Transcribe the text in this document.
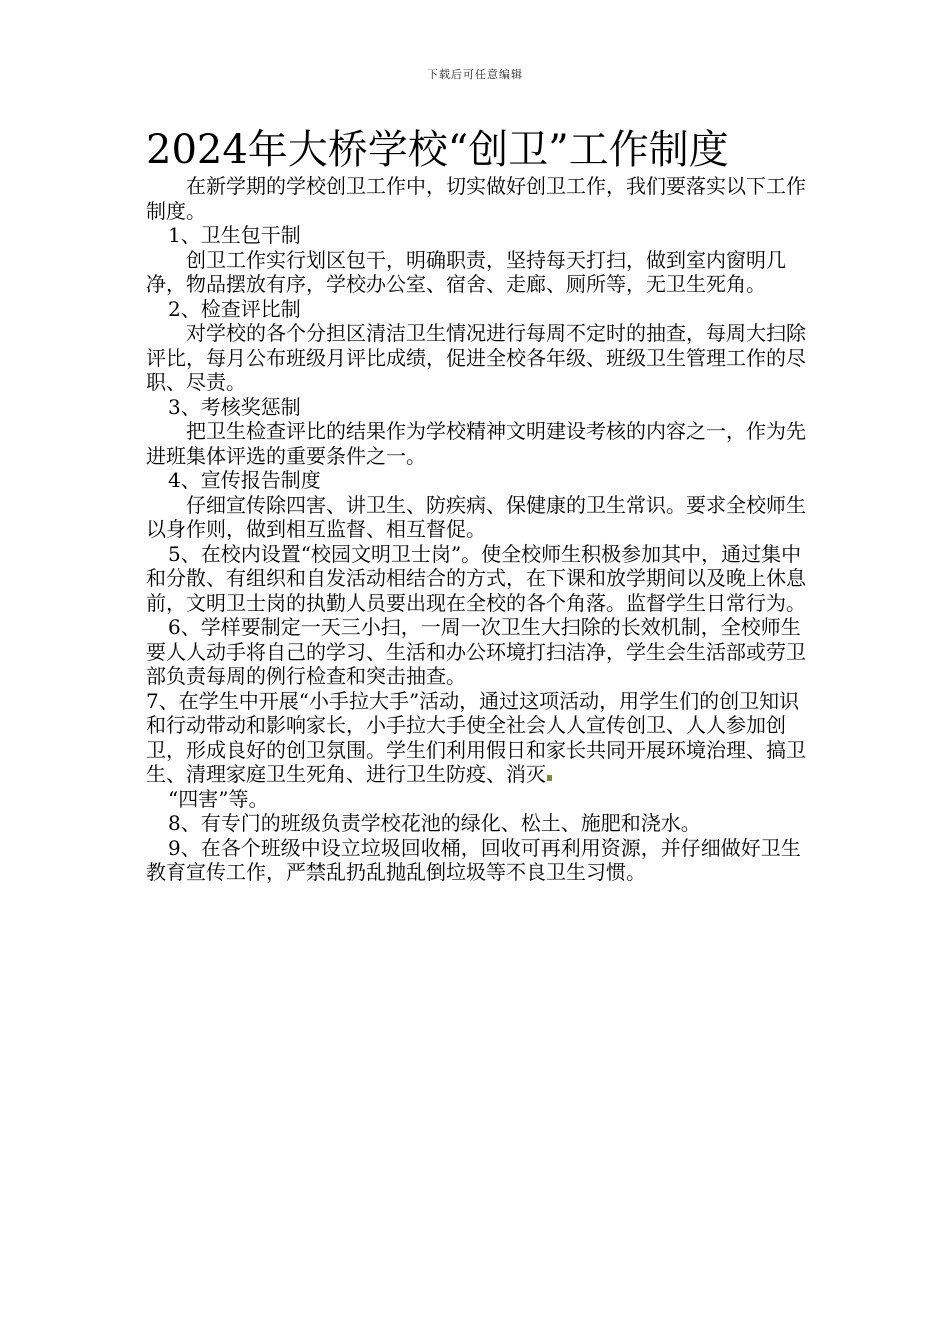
下载后可任意编辑
2024年大桥学校“创卫”工作制度

在新学期的学校创卫工作中，切实做好创卫工作，我们要落实以下工作制度。

1、卫生包干制

创卫工作实行划区包干，明确职责，坚持每天打扫，做到室内窗明几净，物品摆放有序，学校办公室、宿舍、走廊、厕所等，无卫生死角。

2、检查评比制

对学校的各个分担区清洁卫生情况进行每周不定时的抽查，每周大扫除评比，每月公布班级月评比成绩，促进全校各年级、班级卫生管理工作的尽职、尽责。

3、考核奖惩制

把卫生检查评比的结果作为学校精神文明建设考核的内容之一，作为先进班集体评选的重要条件之一。

4、宣传报告制度

仔细宣传除四害、讲卫生、防疾病、保健康的卫生常识。要求全校师生以身作则，做到相互监督、相互督促。

5、在校内设置“校园文明卫士岗”。使全校师生积极参加其中，通过集中和分散、有组织和自发活动相结合的方式，在下课和放学期间以及晚上休息前，文明卫士岗的执勤人员要出现在全校的各个角落。监督学生日常行为。

6、学样要制定一天三小扫，一周一次卫生大扫除的长效机制，全校师生要人人动手将自己的学习、生活和办公环境打扫洁净，学生会生活部或劳卫部负责每周的例行检查和突击抽查。

7、在学生中开展“小手拉大手”活动，通过这项活动，用学生们的创卫知识和行动带动和影响家长，小手拉大手使全社会人人宣传创卫、人人参加创卫，形成良好的创卫氛围。学生们利用假日和家长共同开展环境治理、搞卫生、清理家庭卫生死角、进行卫生防疫、消灭

“四害”等。

8、有专门的班级负责学校花池的绿化、松土、施肥和浇水。

9、在各个班级中设立垃圾回收桶，回收可再利用资源，并仔细做好卫生教育宣传工作，严禁乱扔乱抛乱倒垃圾等不良卫生习惯。
